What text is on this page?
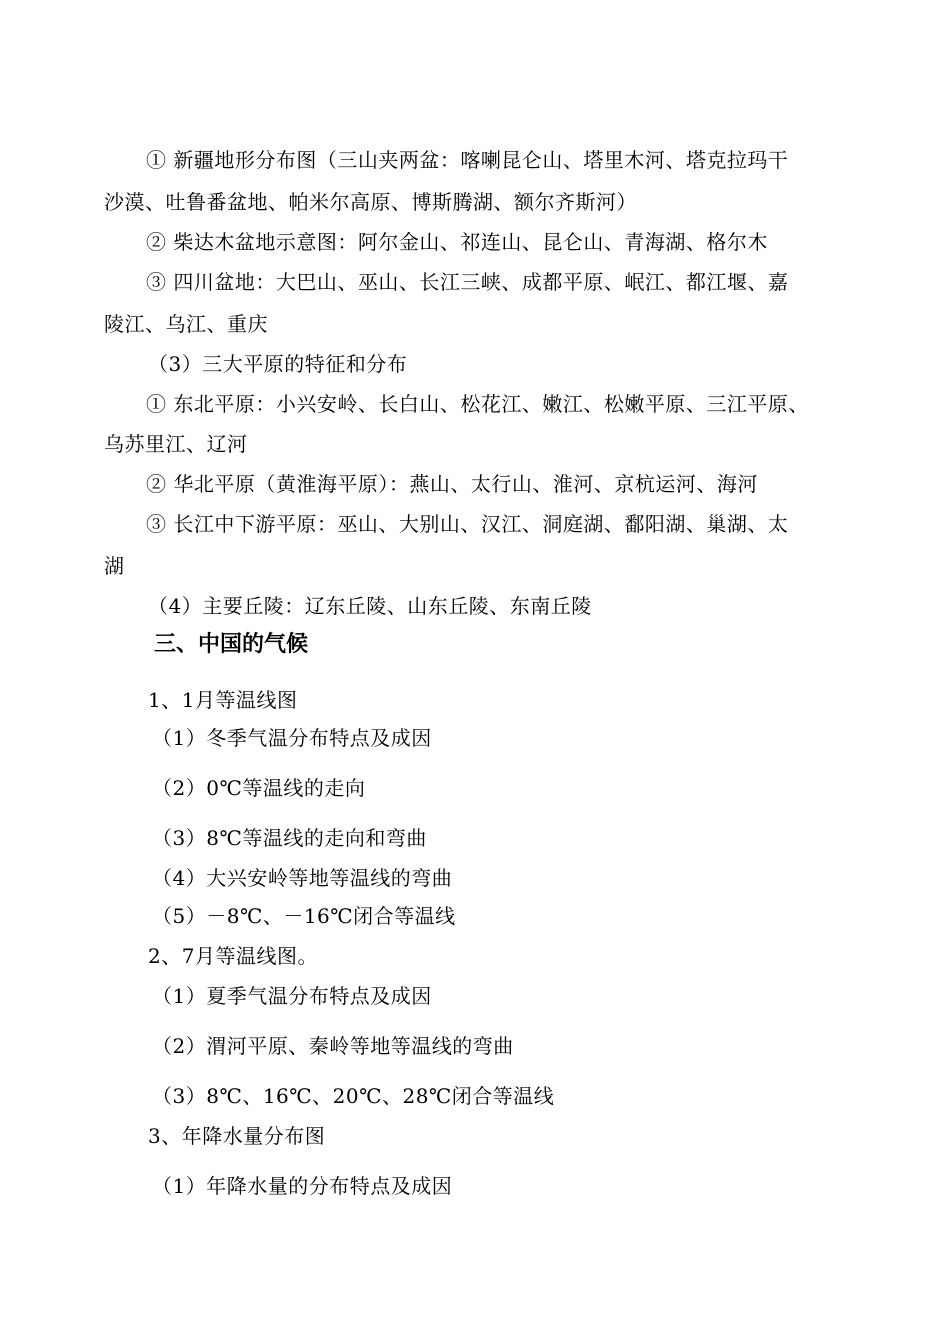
① 新疆地形分布图（三山夹两盆：喀喇昆仑山、塔里木河、塔克拉玛干
沙漠、吐鲁番盆地、帕米尔高原、博斯腾湖、额尔齐斯河）
② 柴达木盆地示意图：阿尔金山、祁连山、昆仑山、青海湖、格尔木
③ 四川盆地：大巴山、巫山、长江三峡、成都平原、岷江、都江堰、嘉
陵江、乌江、重庆
（3）三大平原的特征和分布
① 东北平原：小兴安岭、长白山、松花江、嫩江、松嫩平原、三江平原、
乌苏里江、辽河
② 华北平原（黄淮海平原）：燕山、太行山、淮河、京杭运河、海河
③ 长江中下游平原：巫山、大别山、汉江、洞庭湖、鄱阳湖、巢湖、太
湖
（4）主要丘陵：辽东丘陵、山东丘陵、东南丘陵
三、中国的气候
1、1月等温线图
（1）冬季气温分布特点及成因
（2）0℃等温线的走向
（3）8℃等温线的走向和弯曲
（4）大兴安岭等地等温线的弯曲
（5）－8℃、－16℃闭合等温线
2、7月等温线图。
（1）夏季气温分布特点及成因
（2）渭河平原、秦岭等地等温线的弯曲
（3）8℃、16℃、20℃、28℃闭合等温线
3、年降水量分布图
（1）年降水量的分布特点及成因
